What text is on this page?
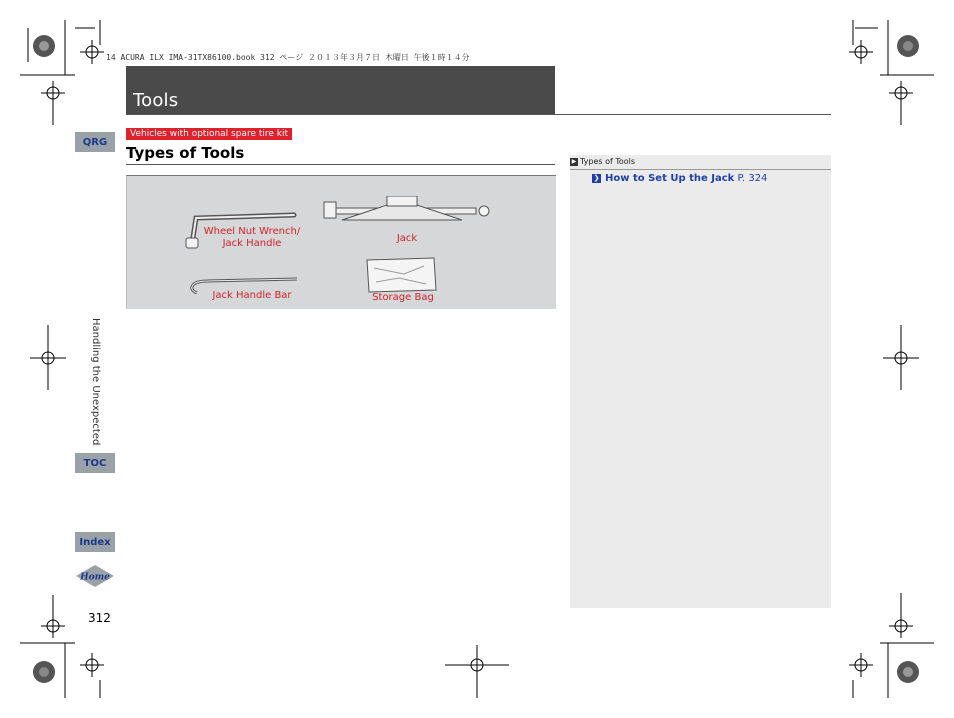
14 ACURA ILX IMA-31TX86100.book 312 ページ ２０１３年３月７日 木曜日 午後１時１４分
Tools
QRG
Handling the Unexpected
TOC
Index
Home
Vehicles with optional spare tire kit
Types of Tools
Wheel Nut Wrench/
Jack Handle	Jack
Jack Handle Bar	Storage Bag
▶ Types of Tools
❯ How to Set Up the Jack P. 324
312
